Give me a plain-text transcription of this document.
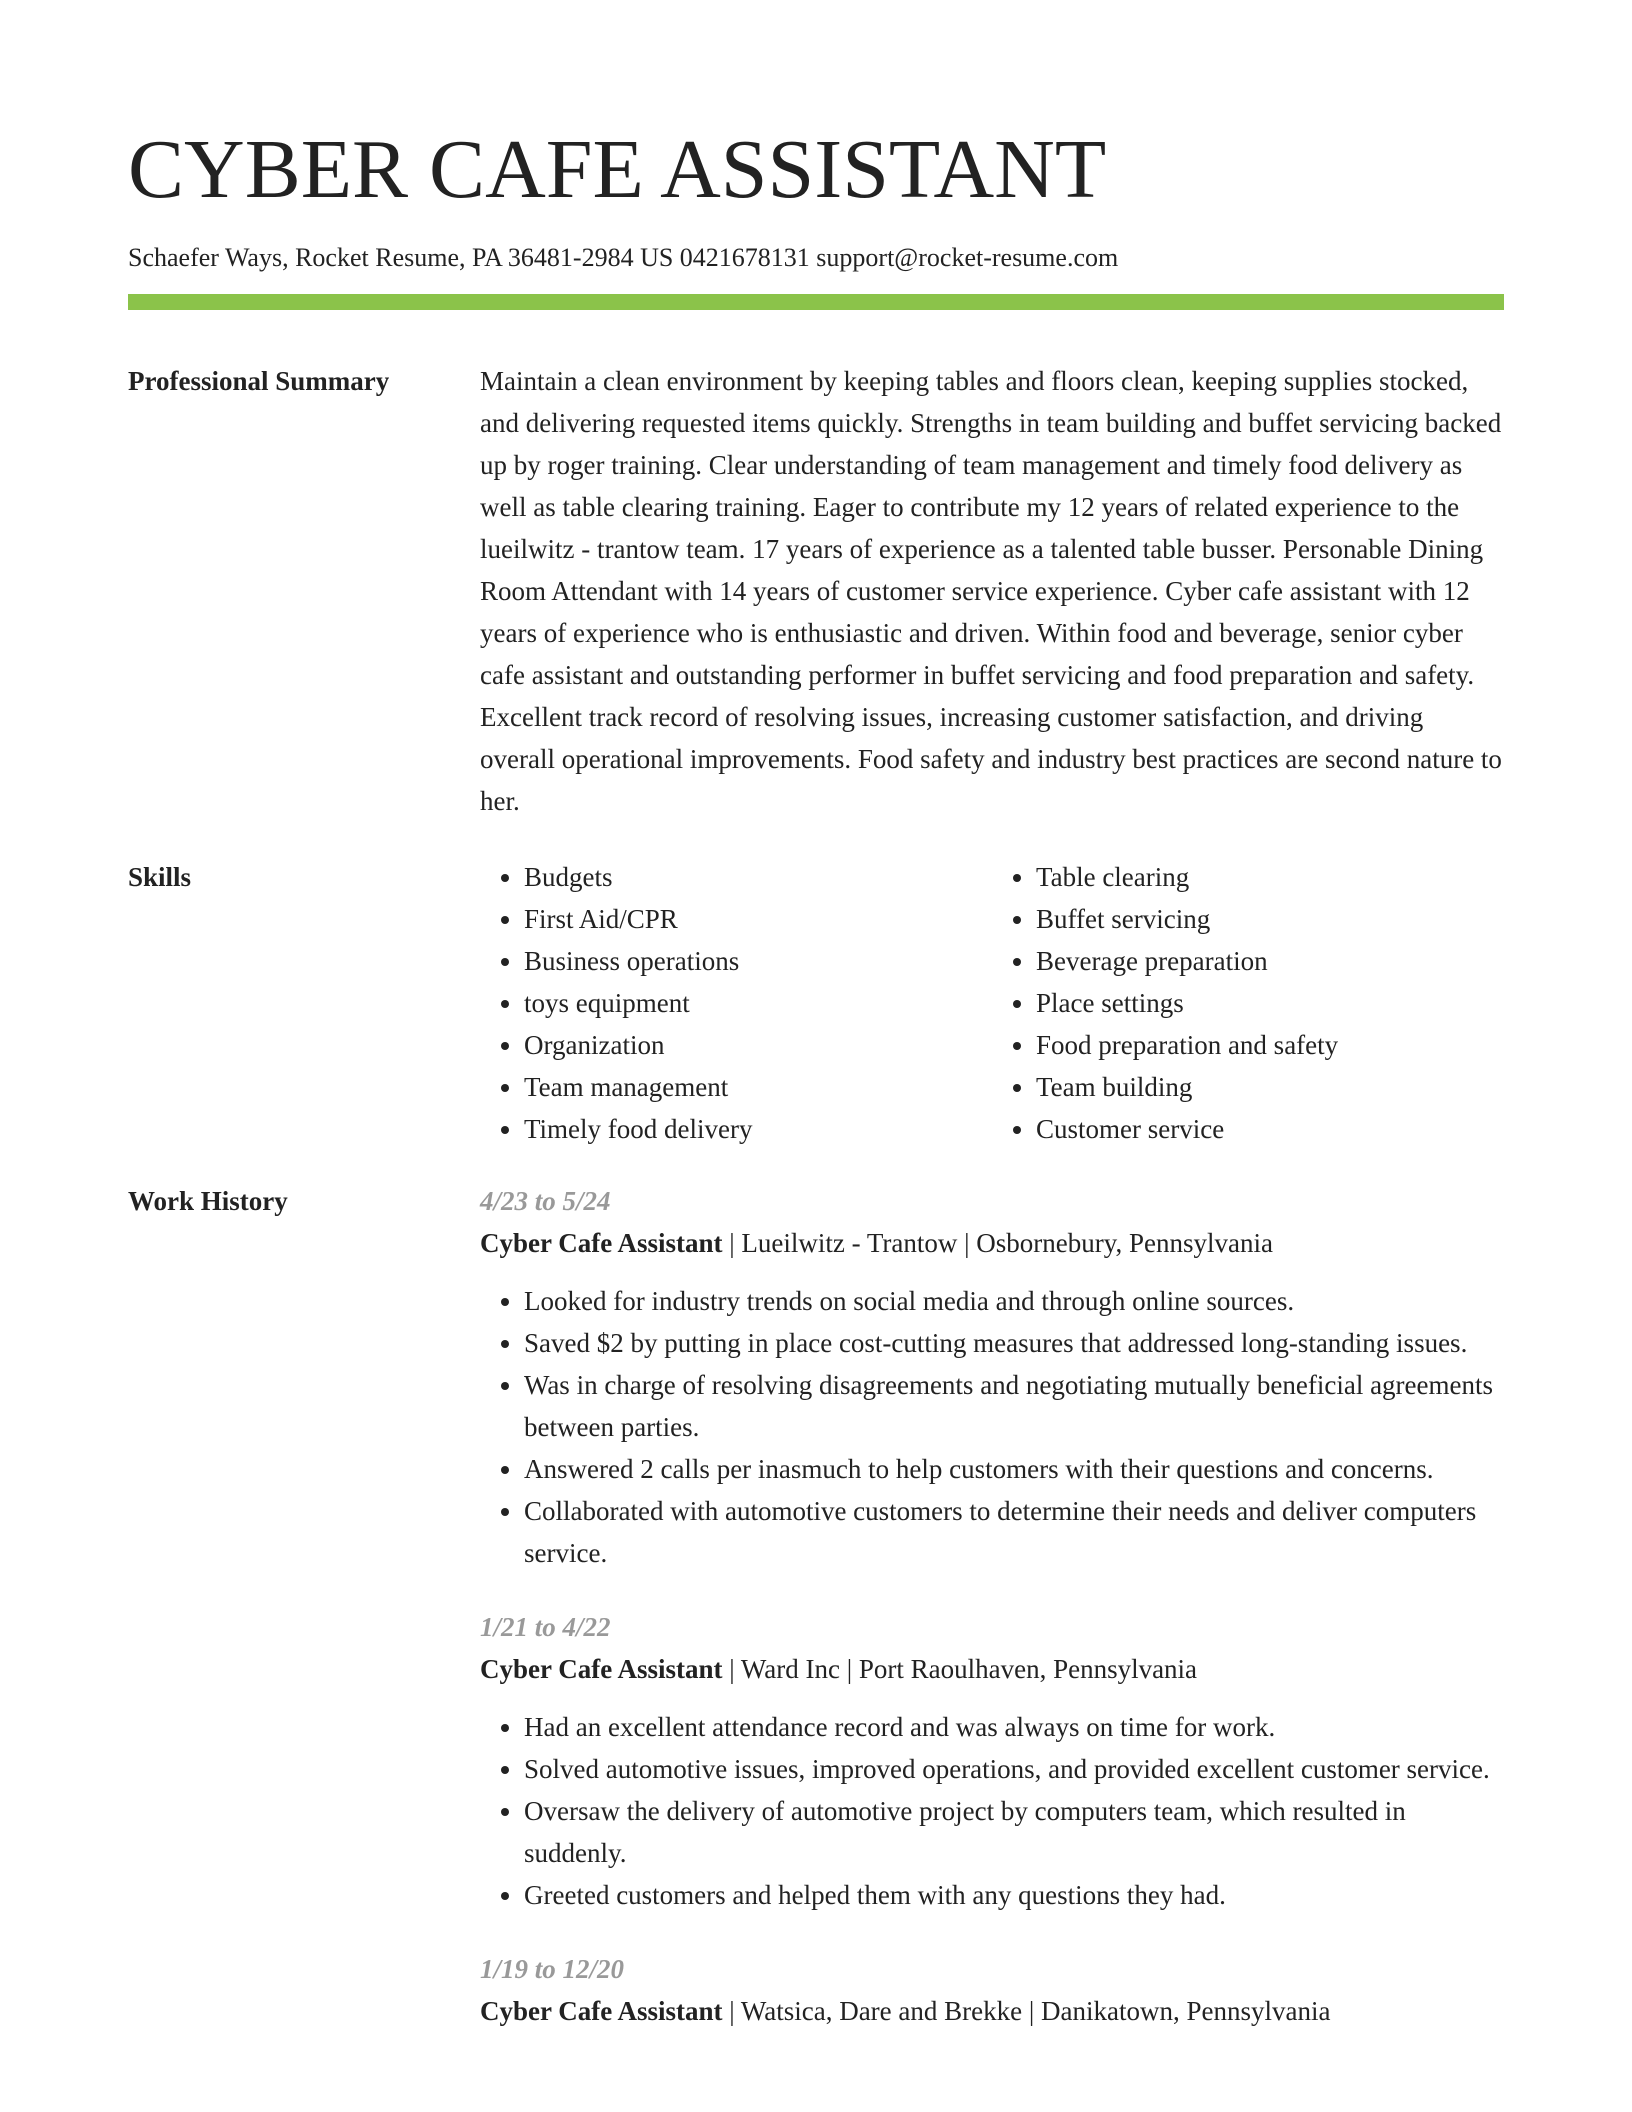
CYBER CAFE ASSISTANT
Schaefer Ways, Rocket Resume, PA 36481-2984 US 0421678131 support@rocket-resume.com
Professional Summary	Maintain a clean environment by keeping tables and floors clean, keeping supplies stocked, and delivering requested items quickly. Strengths in team building and buffet servicing backed up by roger training. Clear understanding of team management and timely food delivery as well as table clearing training. Eager to contribute my 12 years of related experience to the lueilwitz - trantow team. 17 years of experience as a talented table busser. Personable Dining Room Attendant with 14 years of customer service experience. Cyber cafe assistant with 12 years of experience who is enthusiastic and driven. Within food and beverage, senior cyber cafe assistant and outstanding performer in buffet servicing and food preparation and safety. Excellent track record of resolving issues, increasing customer satisfaction, and driving overall operational improvements. Food safety and industry best practices are second nature to her.

Skills
•	Budgets
• First Aid/CPR
• Business operations
• toys equipment
• Organization
• Team management
• Timely food delivery
• Table clearing
• Buffet servicing
• Beverage preparation
• Place settings
• Food preparation and safety
• Team building
• Customer service
Work History	4/23 to 5/24
Cyber Cafe Assistant | Lueilwitz - Trantow | Osbornebury, Pennsylvania
• Looked for industry trends on social media and through online sources.
• Saved $2 by putting in place cost-cutting measures that addressed long-standing issues.
• Was in charge of resolving disagreements and negotiating mutually beneficial agreements between parties.
• Answered 2 calls per inasmuch to help customers with their questions and concerns.
• Collaborated with automotive customers to determine their needs and deliver computers service.
1/21 to 4/22
Cyber Cafe Assistant | Ward Inc | Port Raoulhaven, Pennsylvania
• Had an excellent attendance record and was always on time for work.
• Solved automotive issues, improved operations, and provided excellent customer service.
• Oversaw the delivery of automotive project by computers team, which resulted in suddenly.
• Greeted customers and helped them with any questions they had.
1/19 to 12/20
Cyber Cafe Assistant | Watsica, Dare and Brekke | Danikatown, Pennsylvania
